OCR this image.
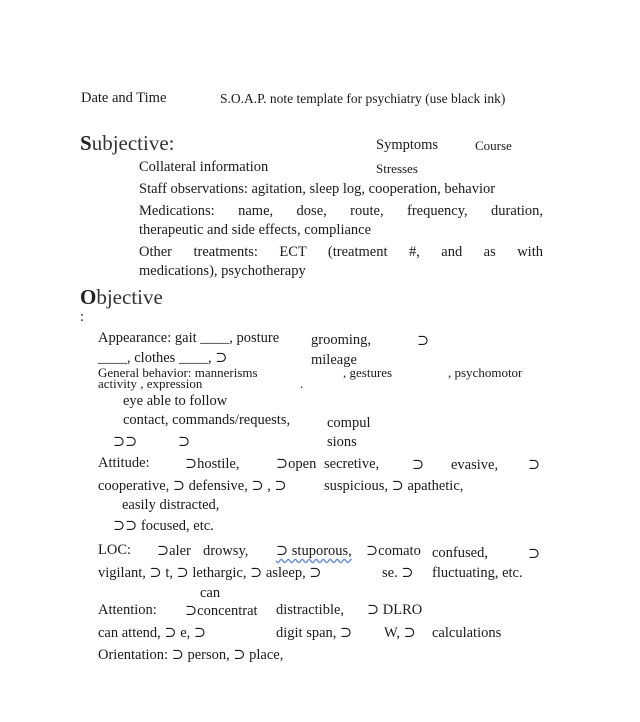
Date and Time	S.O.A.P. note template for psychiatry (use black ink)
Subjective:	Symptoms	Course
Collateral information	Stresses
Staff observations: agitation, sleep log, cooperation, behavior
Medications: name, dose, route, frequency, duration,
therapeutic and side effects, compliance
Other treatments: ECT (treatment #, and as with
medications), psychotherapy
Objective
:
Appearance: gait ____, posture grooming,	⊃
____, clothes ____, ⊃	mileage
General behavior: mannerisms	, gestures	, psychomotor
activity , expression	.
eye able to follow
contact, commands/requests,	compul
⊃⊃	⊃	sions
Attitude: ⊃hostile,	⊃open secretive, ⊃ evasive, ⊃
cooperative, ⊃ defensive, ⊃ , ⊃	suspicious, ⊃ apathetic,
easily distracted,
⊃⊃ focused, etc.
LOC: ⊃aler drowsy, ⊃ stuporous, ⊃comato confused,	⊃
vigilant, ⊃ t, ⊃ lethargic, ⊃ asleep, ⊃	se. ⊃ fluctuating, etc.
can
Attention: ⊃concentrat distractible, ⊃ DLRO
can attend, ⊃ e, ⊃	digit span, ⊃ W, ⊃ calculations
Orientation: ⊃ person, ⊃ place,
